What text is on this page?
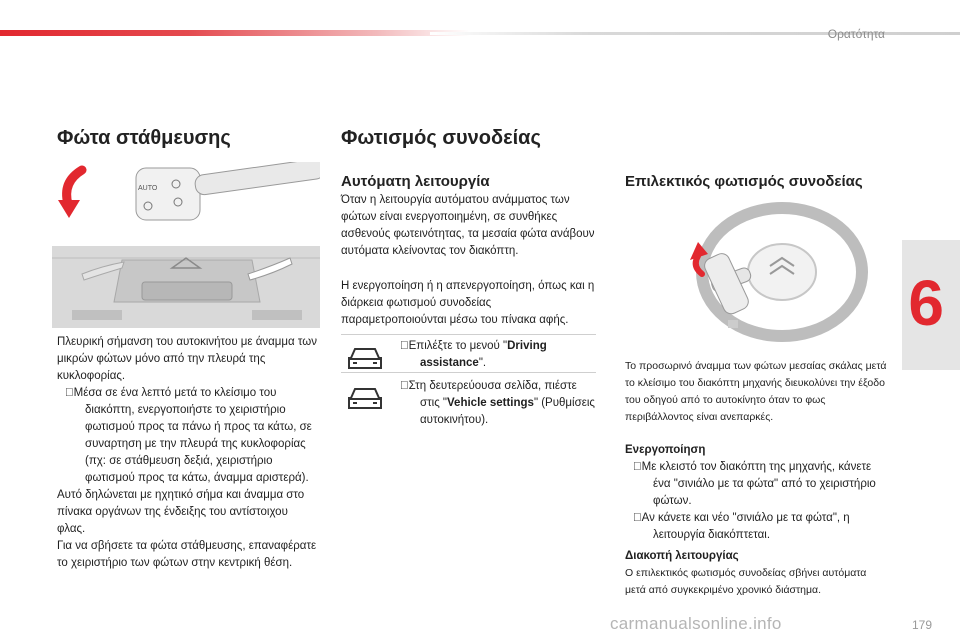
Ορατότητα
6
Φώτα στάθμευσης
AUTO

Πλευρική σήμανση του αυτοκινήτου με άναμμα των μικρών φώτων μόνο από την πλευρά της κυκλοφορίας.
Μέσα σε ένα λεπτό μετά το κλείσιμο του διακόπτη, ενεργοποιήστε το χειριστήριο φωτισμού προς τα πάνω ή προς τα κάτω, σε συναρτηση με την πλευρά της κυκλοφορίας (πχ: σε στάθμευση δεξιά, χειριστήριο φωτισμού προς τα κάτω, άναμμα αριστερά).
Αυτό δηλώνεται με ηχητικό σήμα και άναμμα στο πίνακα οργάνων της ένδειξης του αντίστοιχου φλας.
Για να σβήσετε τα φώτα στάθμευσης, επαναφέρατε το χειριστήριο των φώτων στην κεντρική θέση.

Φωτισμός συνοδείας
Αυτόματη λειτουργία

Όταν η λειτουργία αυτόματου ανάμματος των φώτων είναι ενεργοποιημένη, σε συνθήκες ασθενούς φωτεινότητας, τα μεσαία φώτα ανάβουν αυτόματα κλείνοντας τον διακόπτη.

Η ενεργοποίηση ή η απενεργοποίηση, όπως και η διάρκεια φωτισμού συνοδείας παραμετροποιούνται μέσω του πίνακα αφής.

Επιλέξτε το μενού "Driving assistance".

Στη δευτερεύουσα σελίδα, πιέστε στις "Vehicle settings" (Ρυθμίσεις αυτοκινήτου).

Επιλεκτικός φωτισμός συνοδείας

Το προσωρινό άναμμα των φώτων μεσαίας σκάλας μετά το κλείσιμο του διακόπτη μηχανής διευκολύνει την έξοδο του οδηγού από το αυτοκίνητο όταν το φως περιβάλλοντος είναι ανεπαρκές.

Ενεργοποίηση
Με κλειστό τον διακόπτη της μηχανής, κάνετε ένα "σινιάλο με τα φώτα" από το χειριστήριο φώτων.
Αν κάνετε και νέο "σινιάλο με τα φώτα", η λειτουργία διακόπτεται.

Διακοπή λειτουργίας
Ο επιλεκτικός φωτισμός συνοδείας σβήνει αυτόματα μετά από συγκεκριμένο χρονικό διάστημα.

carmanualsonline.info	179
